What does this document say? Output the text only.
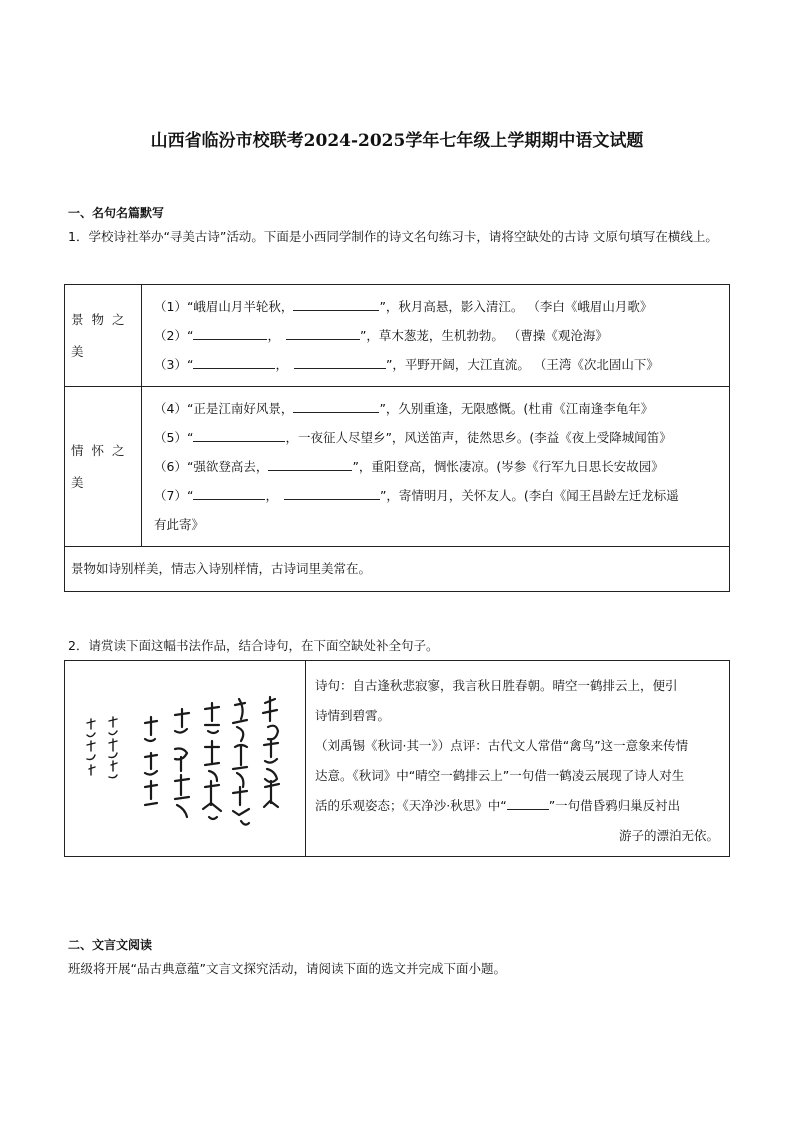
山西省临汾市校联考2024-2025学年七年级上学期期中语文试题
一、名句名篇默写
1．学校诗社举办“寻美古诗”活动。下面是小西同学制作的诗文名句练习卡，请将空缺处的古诗 文原句填写在横线上。
景物之美	（1）“峨眉山月半轮秋， ”，秋月高悬，影入清江。 （李白《峨眉山月歌》
（2）“ ， ”，草木葱茏，生机勃勃。 （曹操《观沧海》
（3）“ ， ”，平野开阔，大江直流。 （王湾《次北固山下》

情怀之美	（4）“正是江南好风景， ”，久别重逢，无限感慨。(杜甫《江南逢李龟年》
（5）“ ，一夜征人尽望乡”，风送笛声，徒然思乡。(李益《夜上受降城闻笛》
（6）“强欲登高去， ”，重阳登高，惆怅凄凉。(岑参《行军九日思长安故园》
（7）“ ， ”，寄情明月，关怀友人。(李白《闻王昌龄左迁龙标遥
有此寄》

景物如诗别样美，情志入诗别样情，古诗词里美常在。	
2．请赏读下面这幅书法作品，结合诗句，在下面空缺处补全句子。
诗句：自古逢秋悲寂寥，我言秋日胜春朝。晴空一鹤排云上，便引
诗情到碧霄。
（刘禹锡《秋词·其一》）点评：古代文人常借“禽鸟”这一意象来传情
达意。《秋词》中“晴空一鹤排云上”一句借一鹤凌云展现了诗人对生
活的乐观姿态；《天净沙·秋思》中“	”一句借昏鸦归巢反衬出
游子的漂泊无依。
二、文言文阅读
班级将开展“品古典意蕴”文言文探究活动，请阅读下面的选文并完成下面小题。
